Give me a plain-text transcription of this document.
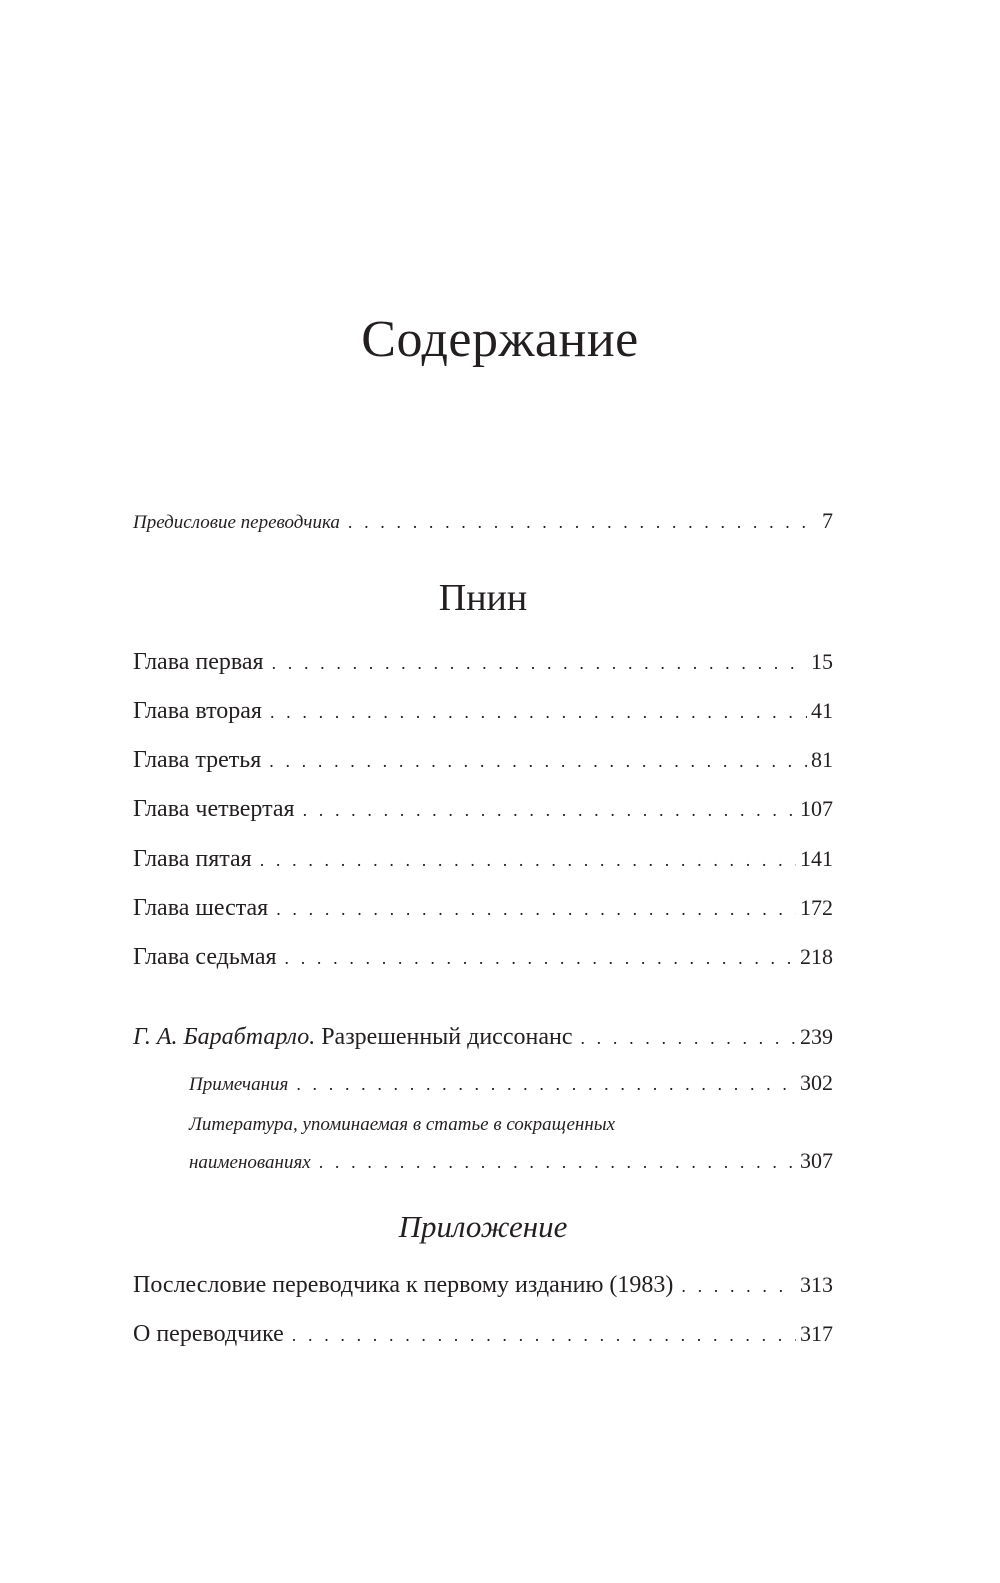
Содержание
Предисловие переводчика . . .	7
Пнин
Глава первая . . .	15
Глава вторая . . .	41
Глава третья . . .	81
Глава четвертая . . .	107
Глава пятая . . .	141
Глава шестая . . .	172
Глава седьмая . . .	218
Г. А. Барабтарло. Разрешенный диссонанс . . .	239
Примечания . . .	302
Литература, упоминаемая в статье в сокращенных
наименованиях . . .	307
Приложение
Послесловие переводчика к первому изданию (1983) . . .	313
О переводчике . . .	317
